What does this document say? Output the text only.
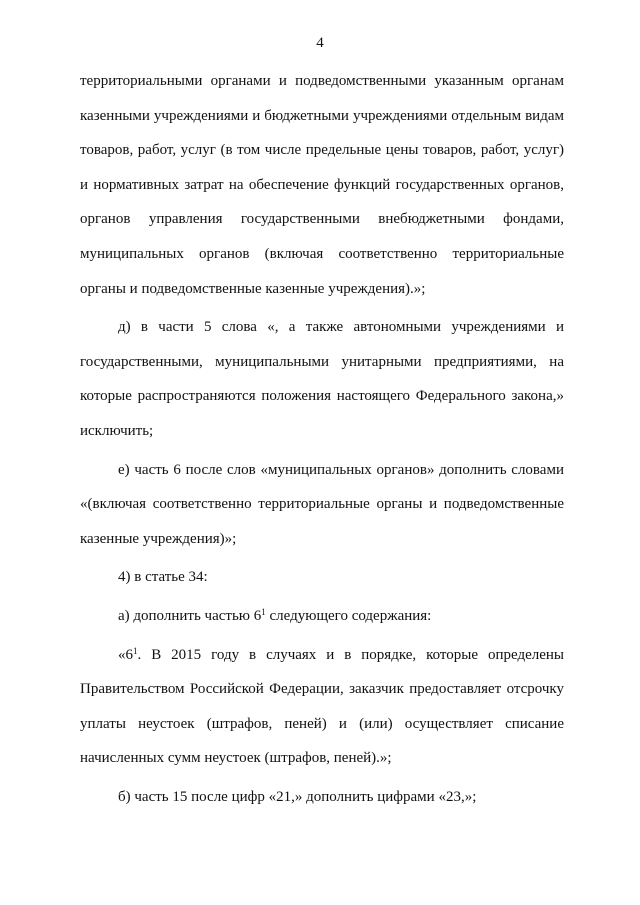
4

территориальными органами и подведомственными указанным органам казенными учреждениями и бюджетными учреждениями отдельным видам товаров, работ, услуг (в том числе предельные цены товаров, работ, услуг) и нормативных затрат на обеспечение функций государственных органов, органов управления государственными внебюджетными фондами, муниципальных органов (включая соответственно территориальные органы и подведомственные казенные учреждения).»;

д) в части 5 слова «, а также автономными учреждениями и государственными, муниципальными унитарными предприятиями, на которые распространяются положения настоящего Федерального закона,» исключить;

е) часть 6 после слов «муниципальных органов» дополнить словами «(включая соответственно территориальные органы и подведомственные казенные учреждения)»;

4) в статье 34:

а) дополнить частью $6^1$ следующего содержания:

«$6^1$. В 2015 году в случаях и в порядке, которые определены Правительством Российской Федерации, заказчик предоставляет отсрочку уплаты неустоек (штрафов, пеней) и (или) осуществляет списание начисленных сумм неустоек (штрафов, пеней).»;

б) часть 15 после цифр «21,» дополнить цифрами «23,»;
